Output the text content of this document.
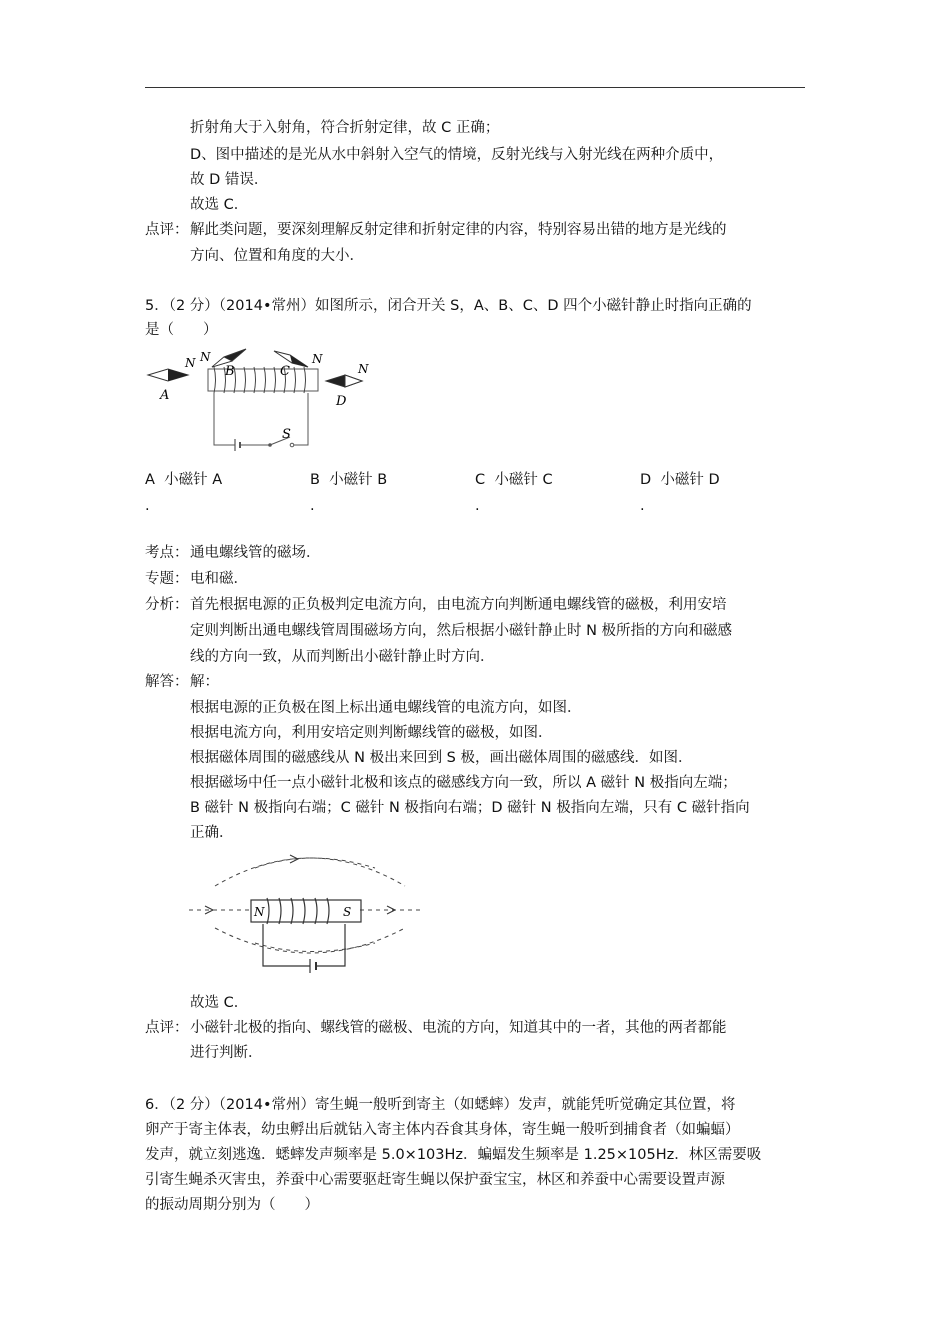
折射角大于入射角，符合折射定律，故 C 正确；
D、图中描述的是光从水中斜射入空气的情境，反射光线与入射光线在两种介质中，
故 D 错误．
故选 C．
点评： 解此类问题，要深刻理解反射定律和折射定律的内容，特别容易出错的地方是光线的
方向、位置和角度的大小．
5．（2 分）（2014•常州）如图所示，闭合开关 S，A、B、C、D 四个小磁针静止时指向正确的
是（　　）
S
N
A
N
B
N
C	N
D
A 小磁针 A	B 小磁针 B	C 小磁针 C	D 小磁针 D
.	.	.	.
考点： 通电螺线管的磁场．
专题： 电和磁．
分析： 首先根据电源的正负极判定电流方向，由电流方向判断通电螺线管的磁极，利用安培
定则判断出通电螺线管周围磁场方向，然后根据小磁针静止时 N 极所指的方向和磁感
线的方向一致，从而判断出小磁针静止时方向．
解答： 解：
根据电源的正负极在图上标出通电螺线管的电流方向，如图．
根据电流方向，利用安培定则判断螺线管的磁极，如图．
根据磁体周围的磁感线从 N 极出来回到 S 极，画出磁体周围的磁感线．如图．
根据磁场中任一点小磁针北极和该点的磁感线方向一致，所以 A 磁针 N 极指向左端；
B 磁针 N 极指向右端；C 磁针 N 极指向右端；D 磁针 N 极指向左端，只有 C 磁针指向
正确．
N	S
故选 C．
点评： 小磁针北极的指向、螺线管的磁极、电流的方向，知道其中的一者，其他的两者都能
进行判断．
6．（2 分）（2014•常州）寄生蝇一般听到寄主（如蟋蟀）发声，就能凭听觉确定其位置，将
卵产于寄主体表，幼虫孵出后就钻入寄主体内吞食其身体，寄生蝇一般听到捕食者（如蝙蝠）
发声，就立刻逃逸．蟋蟀发声频率是 5.0×103Hz．蝙蝠发生频率是 1.25×105Hz．林区需要吸
引寄生蝇杀灭害虫，养蚕中心需要驱赶寄生蝇以保护蚕宝宝，林区和养蚕中心需要设置声源
的振动周期分别为（　　）
